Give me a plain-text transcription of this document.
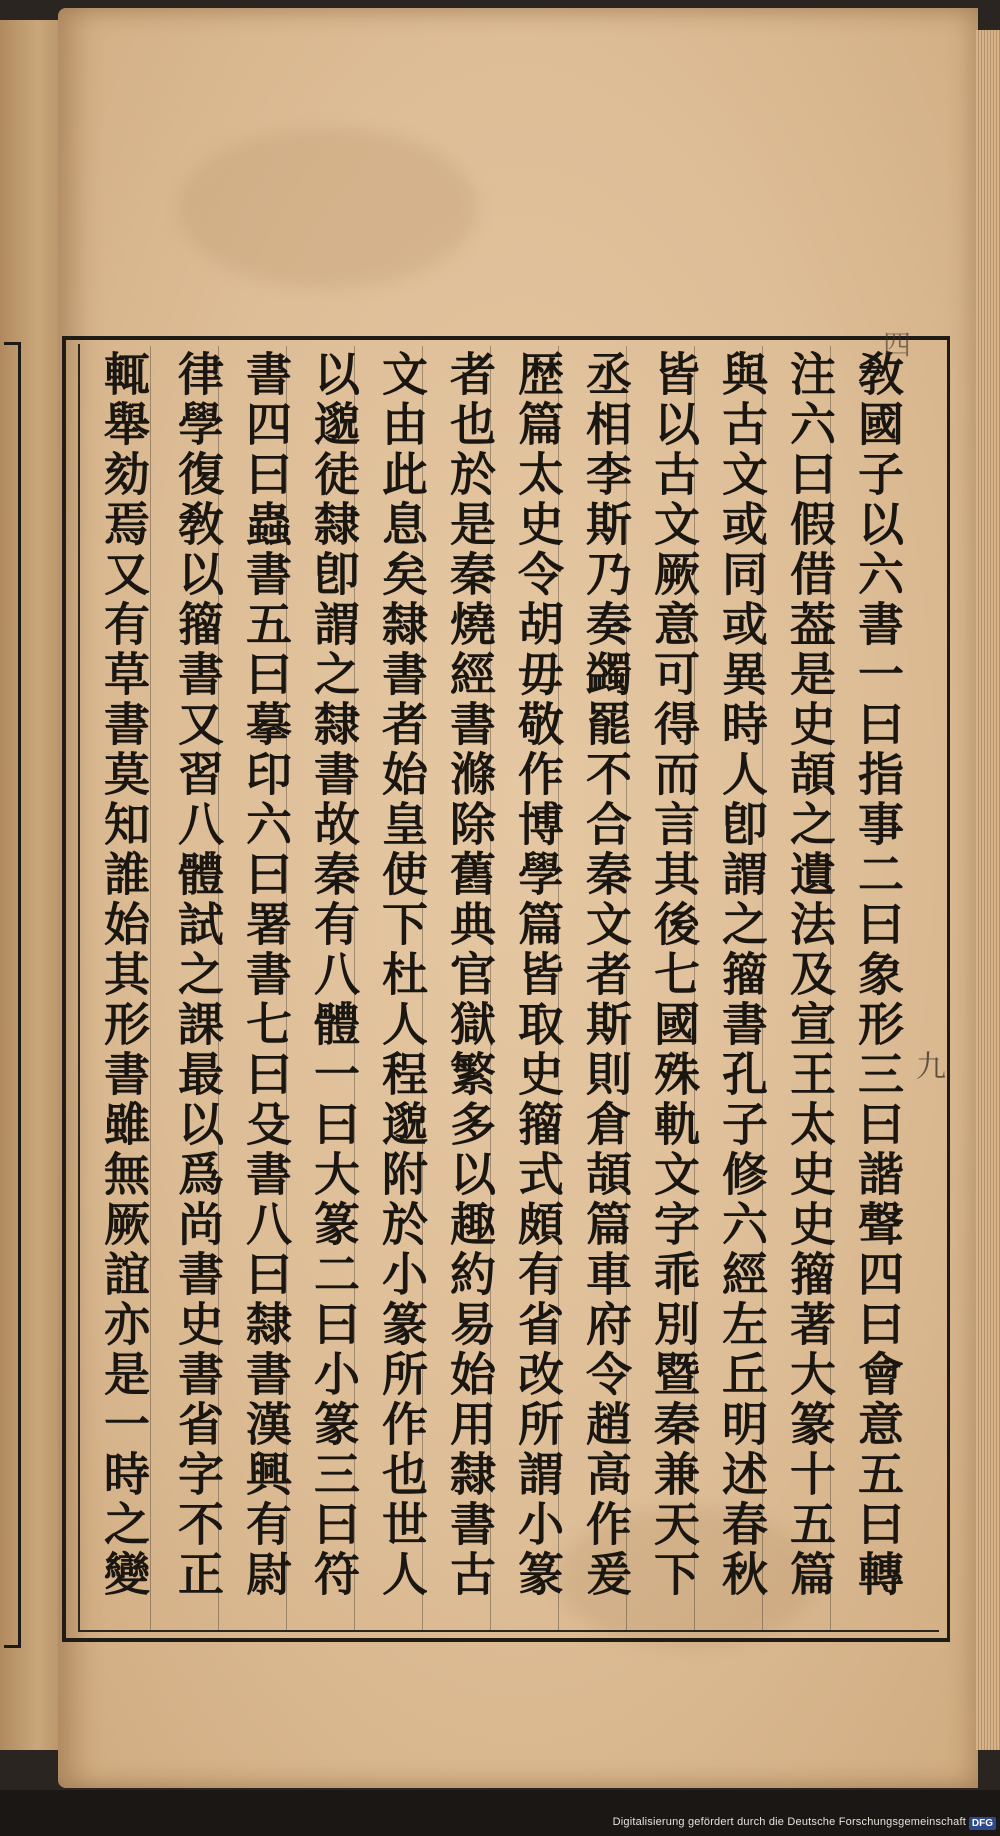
敎國子以六書一曰指事二曰象形三曰諧聲四曰會意五曰轉
注六曰假借葢是史頡之遺法及宣王太史史籀著大篆十五篇
與古文或同或異時人卽謂之籀書孔子修六經左丘明述春秋
皆以古文厥意可得而言其後七國殊軌文字乖別暨秦兼天下
丞相李斯乃奏蠲罷不合秦文者斯則倉頡篇車府令趙高作爰
歴篇太史令胡毋敬作博學篇皆取史籀式頗有省改所謂小篆
者也於是秦燒經書滌除舊典官獄繁多以趣約易始用隸書古
文由此息矣隸書者始皇使下杜人程邈附於小篆所作也世人
以邈徒隸卽謂之隸書故秦有八體一曰大篆二曰小篆三曰符
書四曰蟲書五曰摹印六曰署書七曰殳書八曰隸書漢興有尉
律學復敎以籀書又習八體試之課最以爲尚書史書省字不正
輒舉劾焉又有草書莫知誰始其形書雖無厥誼亦是一時之變
四
九
Digitalisierung gefördert durch die Deutsche Forschungsgemeinschaft DFG
